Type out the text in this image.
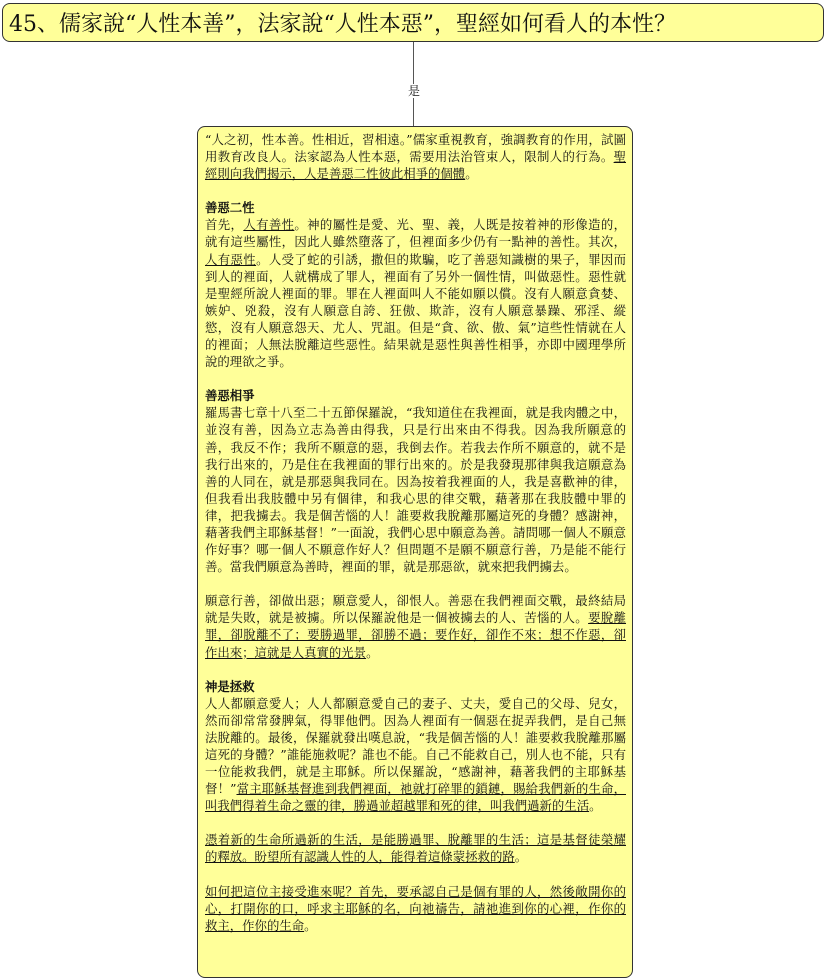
45、儒家說“人性本善”，法家說“人性本惡”，聖經如何看人的本性？
是

“人之初，性本善。性相近，習相遠。”儒家重視教育，強調教育的作用，試圖用教育改良人。法家認為人性本惡，需要用法治管束人，限制人的行為。聖經則向我們揭示，人是善惡二性彼此相爭的個體。

善惡二性

首先，人有善性。神的屬性是愛、光、聖、義，人既是按着神的形像造的，就有這些屬性，因此人雖然墮落了，但裡面多少仍有一點神的善性。其次，人有惡性。人受了蛇的引誘，撒但的欺騙，吃了善惡知識樹的果子，罪因而到人的裡面，人就構成了罪人，裡面有了另外一個性情，叫做惡性。惡性就是聖經所說人裡面的罪。罪在人裡面叫人不能如願以償。沒有人願意貪婪、嫉妒、兇殺，沒有人願意自誇、狂傲、欺詐，沒有人願意暴躁、邪淫、縱慾，沒有人願意怨天、尤人、咒詛。但是“貪、欲、傲、氣”這些性情就在人的裡面；人無法脫離這些惡性。結果就是惡性與善性相爭，亦即中國理學所說的理欲之爭。

善惡相爭

羅馬書七章十八至二十五節保羅說，“我知道住在我裡面，就是我肉體之中，並沒有善，因為立志為善由得我，只是行出來由不得我。因為我所願意的善，我反不作；我所不願意的惡，我倒去作。若我去作所不願意的，就不是我行出來的，乃是住在我裡面的罪行出來的。於是我發現那律與我這願意為善的人同在，就是那惡與我同在。因為按着我裡面的人，我是喜歡神的律，但我看出我肢體中另有個律，和我心思的律交戰，藉著那在我肢體中罪的律，把我擄去。我是個苦惱的人！誰要救我脫離那屬這死的身體？感謝神，藉著我們主耶穌基督！”一面說，我們心思中願意為善。請問哪一個人不願意作好事？哪一個人不願意作好人？但問題不是願不願意行善，乃是能不能行善。當我們願意為善時，裡面的罪，就是那惡欲，就來把我們擄去。

願意行善，卻做出惡；願意愛人，卻恨人。善惡在我們裡面交戰，最終結局就是失敗，就是被擄。所以保羅說他是一個被擄去的人、苦惱的人。要脫離罪，卻脫離不了；要勝過罪，卻勝不過；要作好，卻作不來；想不作惡，卻作出來；這就是人真實的光景。

神是拯救

人人都願意愛人；人人都願意愛自己的妻子、丈夫，愛自己的父母、兒女，然而卻常常發脾氣，得罪他們。因為人裡面有一個惡在捉弄我們，是自己無法脫離的。最後，保羅就發出嘆息說，“我是個苦惱的人！誰要救我脫離那屬這死的身體？”誰能施救呢？誰也不能。自己不能救自己，別人也不能，只有一位能救我們，就是主耶穌。所以保羅說，“感謝神，藉著我們的主耶穌基督！”當主耶穌基督進到我們裡面，祂就打碎罪的鎖鏈，賜給我們新的生命，叫我們得着生命之靈的律，勝過並超越罪和死的律，叫我們過新的生活。

憑着新的生命所過新的生活，是能勝過罪、脫離罪的生活；這是基督徒榮耀的釋放。盼望所有認識人性的人，能得着這條蒙拯救的路。

如何把這位主接受進來呢？首先，要承認自己是個有罪的人，然後敞開你的心，打開你的口，呼求主耶穌的名，向祂禱告，請祂進到你的心裡，作你的救主，作你的生命。
